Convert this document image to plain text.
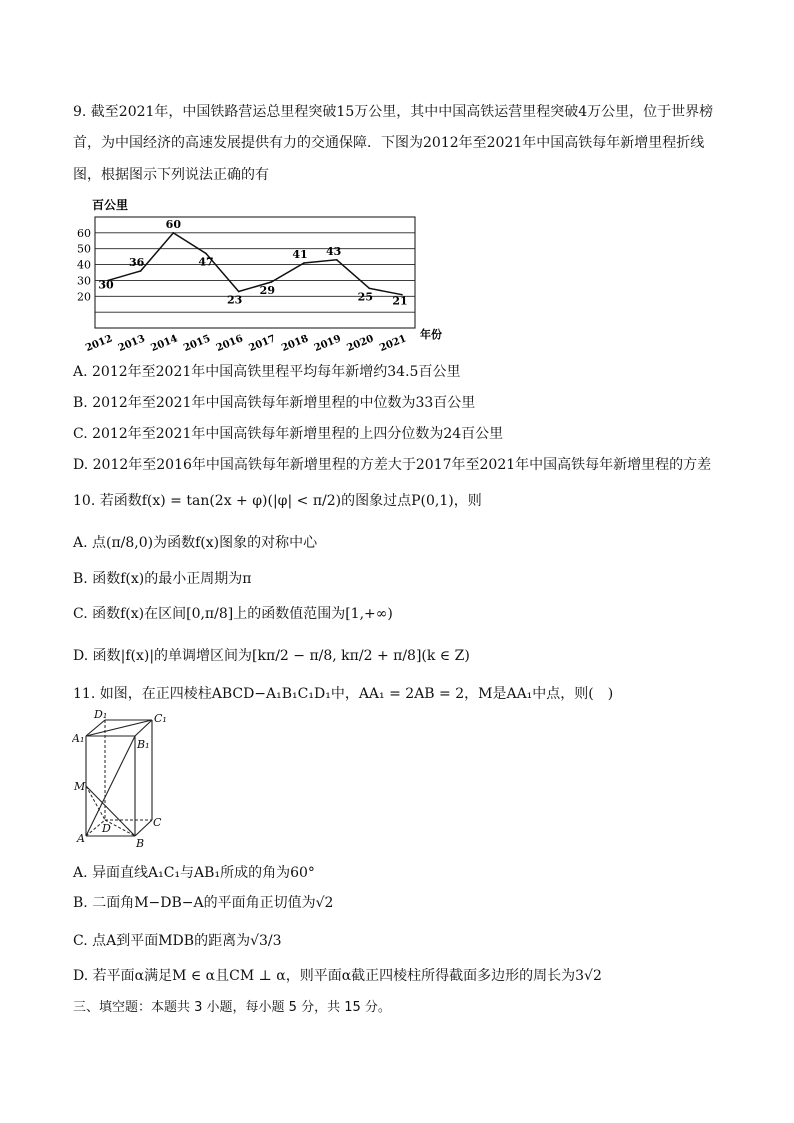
9. 截至2021年，中国铁路营运总里程突破15万公里，其中中国高铁运营里程突破4万公里，位于世界榜
首，为中国经济的高速发展提供有力的交通保障．下图为2012年至2021年中国高铁每年新增里程折线
图，根据图示下列说法正确的有
百公里
年份
20
30
40
50
60
30
36
60
47
23
29
41 43
25 21
2012 2013 2014 2015 2016 2017 2018 2019 2020 2021
A. 2012年至2021年中国高铁里程平均每年新增约34.5百公里
B. 2012年至2021年中国高铁每年新增里程的中位数为33百公里
C. 2012年至2021年中国高铁每年新增里程的上四分位数为24百公里
D. 2012年至2016年中国高铁每年新增里程的方差大于2017年至2021年中国高铁每年新增里程的方差
10. 若函数f(x) = tan(2x + φ)(|φ| < π/2)的图象过点P(0,1)，则
A. 点(π/8,0)为函数f(x)图象的对称中心
B. 函数f(x)的最小正周期为π
C. 函数f(x)在区间[0,π/8]上的函数值范围为[1,+∞)
D. 函数|f(x)|的单调增区间为[kπ/2 − π/8, kπ/2 + π/8](k ∈ Z)
11. 如图，在正四棱柱ABCD−A₁B₁C₁D₁中，AA₁ = 2AB = 2，M是AA₁中点，则(　)
D₁	C₁
A₁	B₁
M
D	C
A	B
A. 异面直线A₁C₁与AB₁所成的角为60°
B. 二面角M−DB−A的平面角正切值为√2
C. 点A到平面MDB的距离为√3/3
D. 若平面α满足M ∈ α且CM ⊥ α，则平面α截正四棱柱所得截面多边形的周长为3√2
三、填空题：本题共 3 小题，每小题 5 分，共 15 分。
